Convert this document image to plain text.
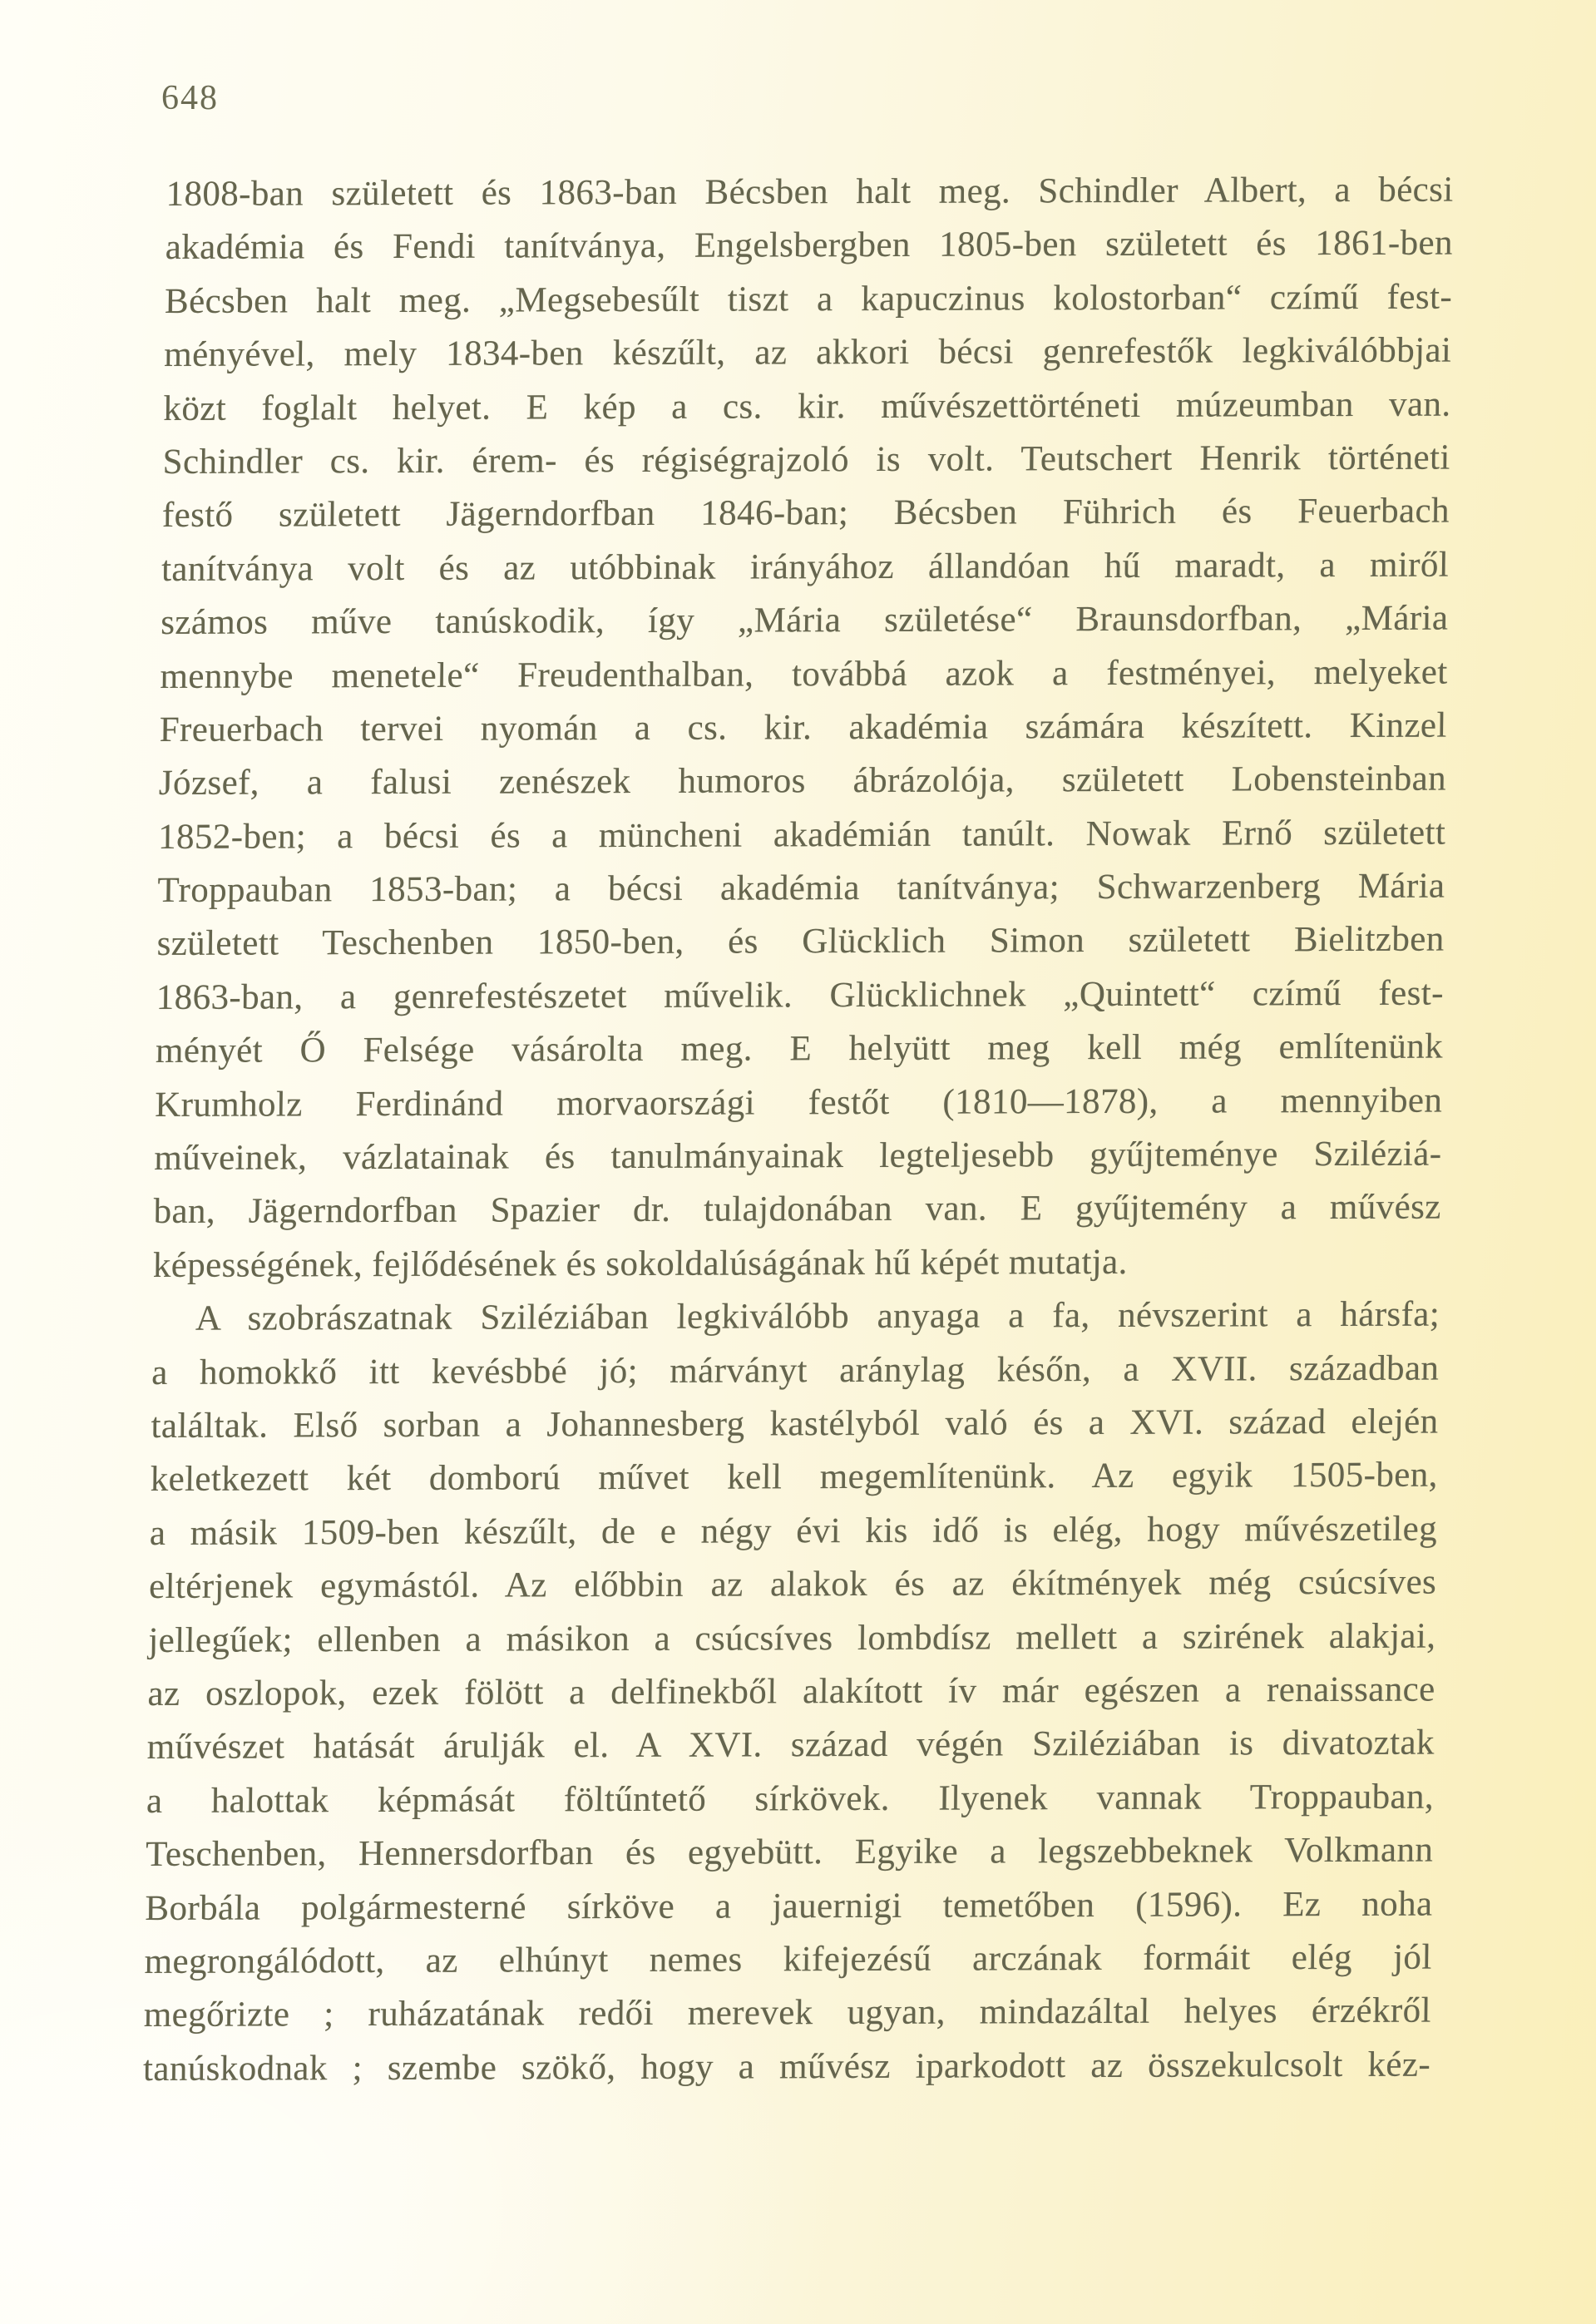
648
1808-ban született és 1863-ban Bécsben halt meg. Schindler Albert, a bécsi
akadémia és Fendi tanítványa, Engelsbergben 1805-ben született és 1861-ben
Bécsben halt meg. „Megsebesűlt tiszt a kapuczinus kolostorban“ czímű fest-
ményével, mely 1834-ben készűlt, az akkori bécsi genrefestők legkiválóbbjai
közt foglalt helyet. E kép a cs. kir. művészettörténeti múzeumban van.
Schindler cs. kir. érem- és régiségrajzoló is volt. Teutschert Henrik történeti
festő született Jägerndorfban 1846-ban; Bécsben Führich és Feuerbach
tanítványa volt és az utóbbinak irányához állandóan hű maradt, a miről
számos műve tanúskodik, így „Mária születése“ Braunsdorfban, „Mária
mennybe menetele“ Freudenthalban, továbbá azok a festményei, melyeket
Freuerbach tervei nyomán a cs. kir. akadémia számára készített. Kinzel
József, a falusi zenészek humoros ábrázolója, született Lobensteinban
1852-ben; a bécsi és a müncheni akadémián tanúlt. Nowak Ernő született
Troppauban 1853-ban; a bécsi akadémia tanítványa; Schwarzenberg Mária
született Teschenben 1850-ben, és Glücklich Simon született Bielitzben
1863-ban, a genrefestészetet művelik. Glücklichnek „Quintett“ czímű fest-
ményét Ő Felsége vásárolta meg. E helyütt meg kell még említenünk
Krumholz Ferdinánd morvaországi festőt (1810—1878), a mennyiben
műveinek, vázlatainak és tanulmányainak legteljesebb gyűjteménye Sziléziá-
ban, Jägerndorfban Spazier dr. tulajdonában van. E gyűjtemény a művész
képességének, fejlődésének és sokoldalúságának hű képét mutatja.
A szobrászatnak Sziléziában legkiválóbb anyaga a fa, névszerint a hársfa;
a homokkő itt kevésbbé jó; márványt aránylag későn, a XVII. században
találtak. Első sorban a Johannesberg kastélyból való és a XVI. század elején
keletkezett két domború művet kell megemlítenünk. Az egyik 1505-ben,
a másik 1509-ben készűlt, de e négy évi kis idő is elég, hogy művészetileg
eltérjenek egymástól. Az előbbin az alakok és az ékítmények még csúcsíves
jellegűek; ellenben a másikon a csúcsíves lombdísz mellett a szirének alakjai,
az oszlopok, ezek fölött a delfinekből alakított ív már egészen a renaissance
művészet hatását árulják el. A XVI. század végén Sziléziában is divatoztak
a halottak képmását föltűntető sírkövek. Ilyenek vannak Troppauban,
Teschenben, Hennersdorfban és egyebütt. Egyike a legszebbeknek Volkmann
Borbála polgármesterné sírköve a jauernigi temetőben (1596). Ez noha
megrongálódott, az elhúnyt nemes kifejezésű arczának formáit elég jól
megőrizte ; ruházatának redői merevek ugyan, mindazáltal helyes érzékről
tanúskodnak ; szembe szökő, hogy a művész iparkodott az összekulcsolt kéz-
